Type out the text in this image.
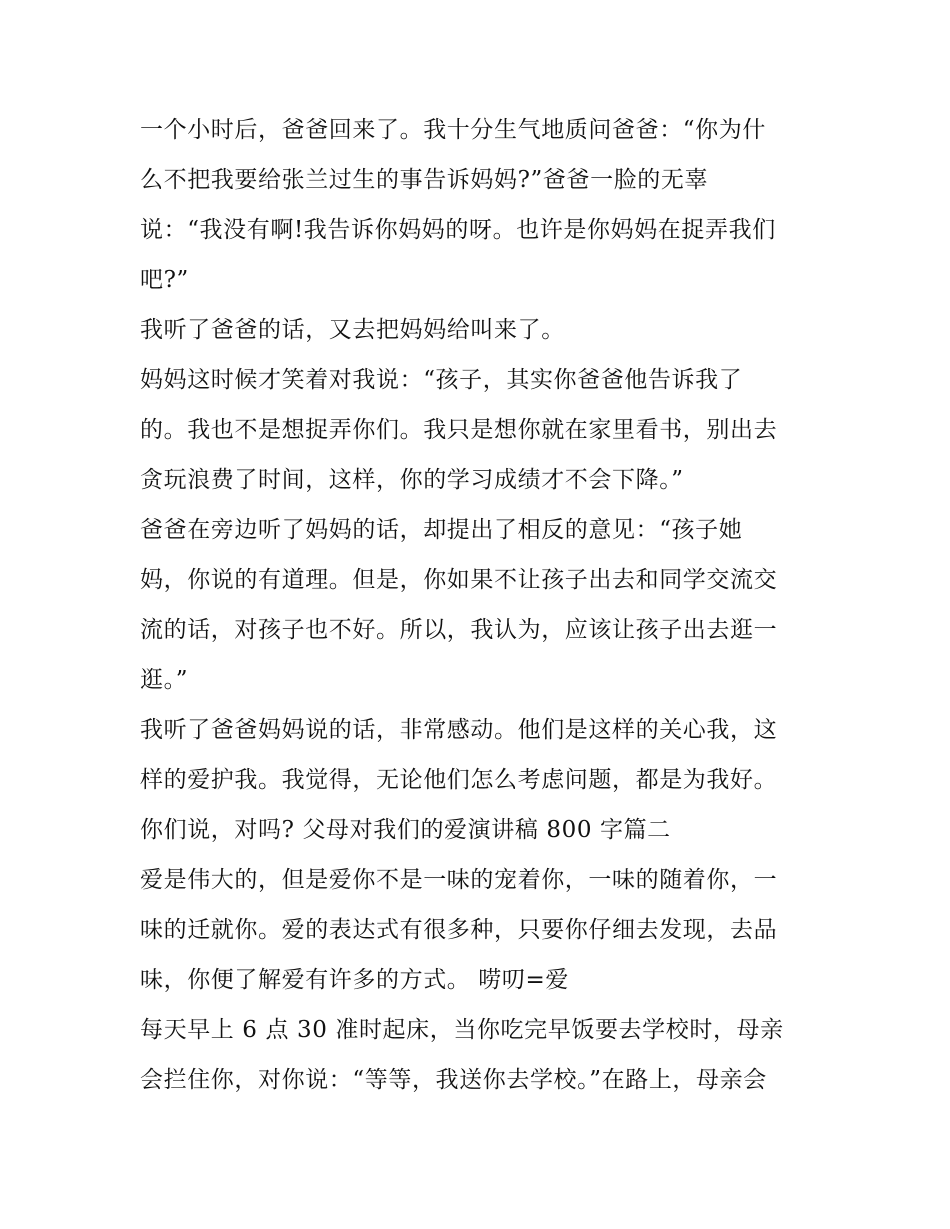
一个小时后，爸爸回来了。我十分生气地质问爸爸：“你为什
么不把我要给张兰过生的事告诉妈妈?”爸爸一脸的无辜
说：“我没有啊!我告诉你妈妈的呀。也许是你妈妈在捉弄我们
吧?”
我听了爸爸的话，又去把妈妈给叫来了。
妈妈这时候才笑着对我说：“孩子，其实你爸爸他告诉我了
的。我也不是想捉弄你们。我只是想你就在家里看书，别出去
贪玩浪费了时间，这样，你的学习成绩才不会下降。”
爸爸在旁边听了妈妈的话，却提出了相反的意见：“孩子她
妈，你说的有道理。但是，你如果不让孩子出去和同学交流交
流的话，对孩子也不好。所以，我认为，应该让孩子出去逛一
逛。”
我听了爸爸妈妈说的话，非常感动。他们是这样的关心我，这
样的爱护我。我觉得，无论他们怎么考虑问题，都是为我好。
你们说，对吗? 父母对我们的爱演讲稿 800 字篇二
爱是伟大的，但是爱你不是一味的宠着你，一味的随着你，一
味的迁就你。爱的表达式有很多种，只要你仔细去发现，去品
味，你便了解爱有许多的方式。 唠叨=爱
每天早上 6 点 30 准时起床，当你吃完早饭要去学校时，母亲
会拦住你，对你说：“等等，我送你去学校。”在路上，母亲会
